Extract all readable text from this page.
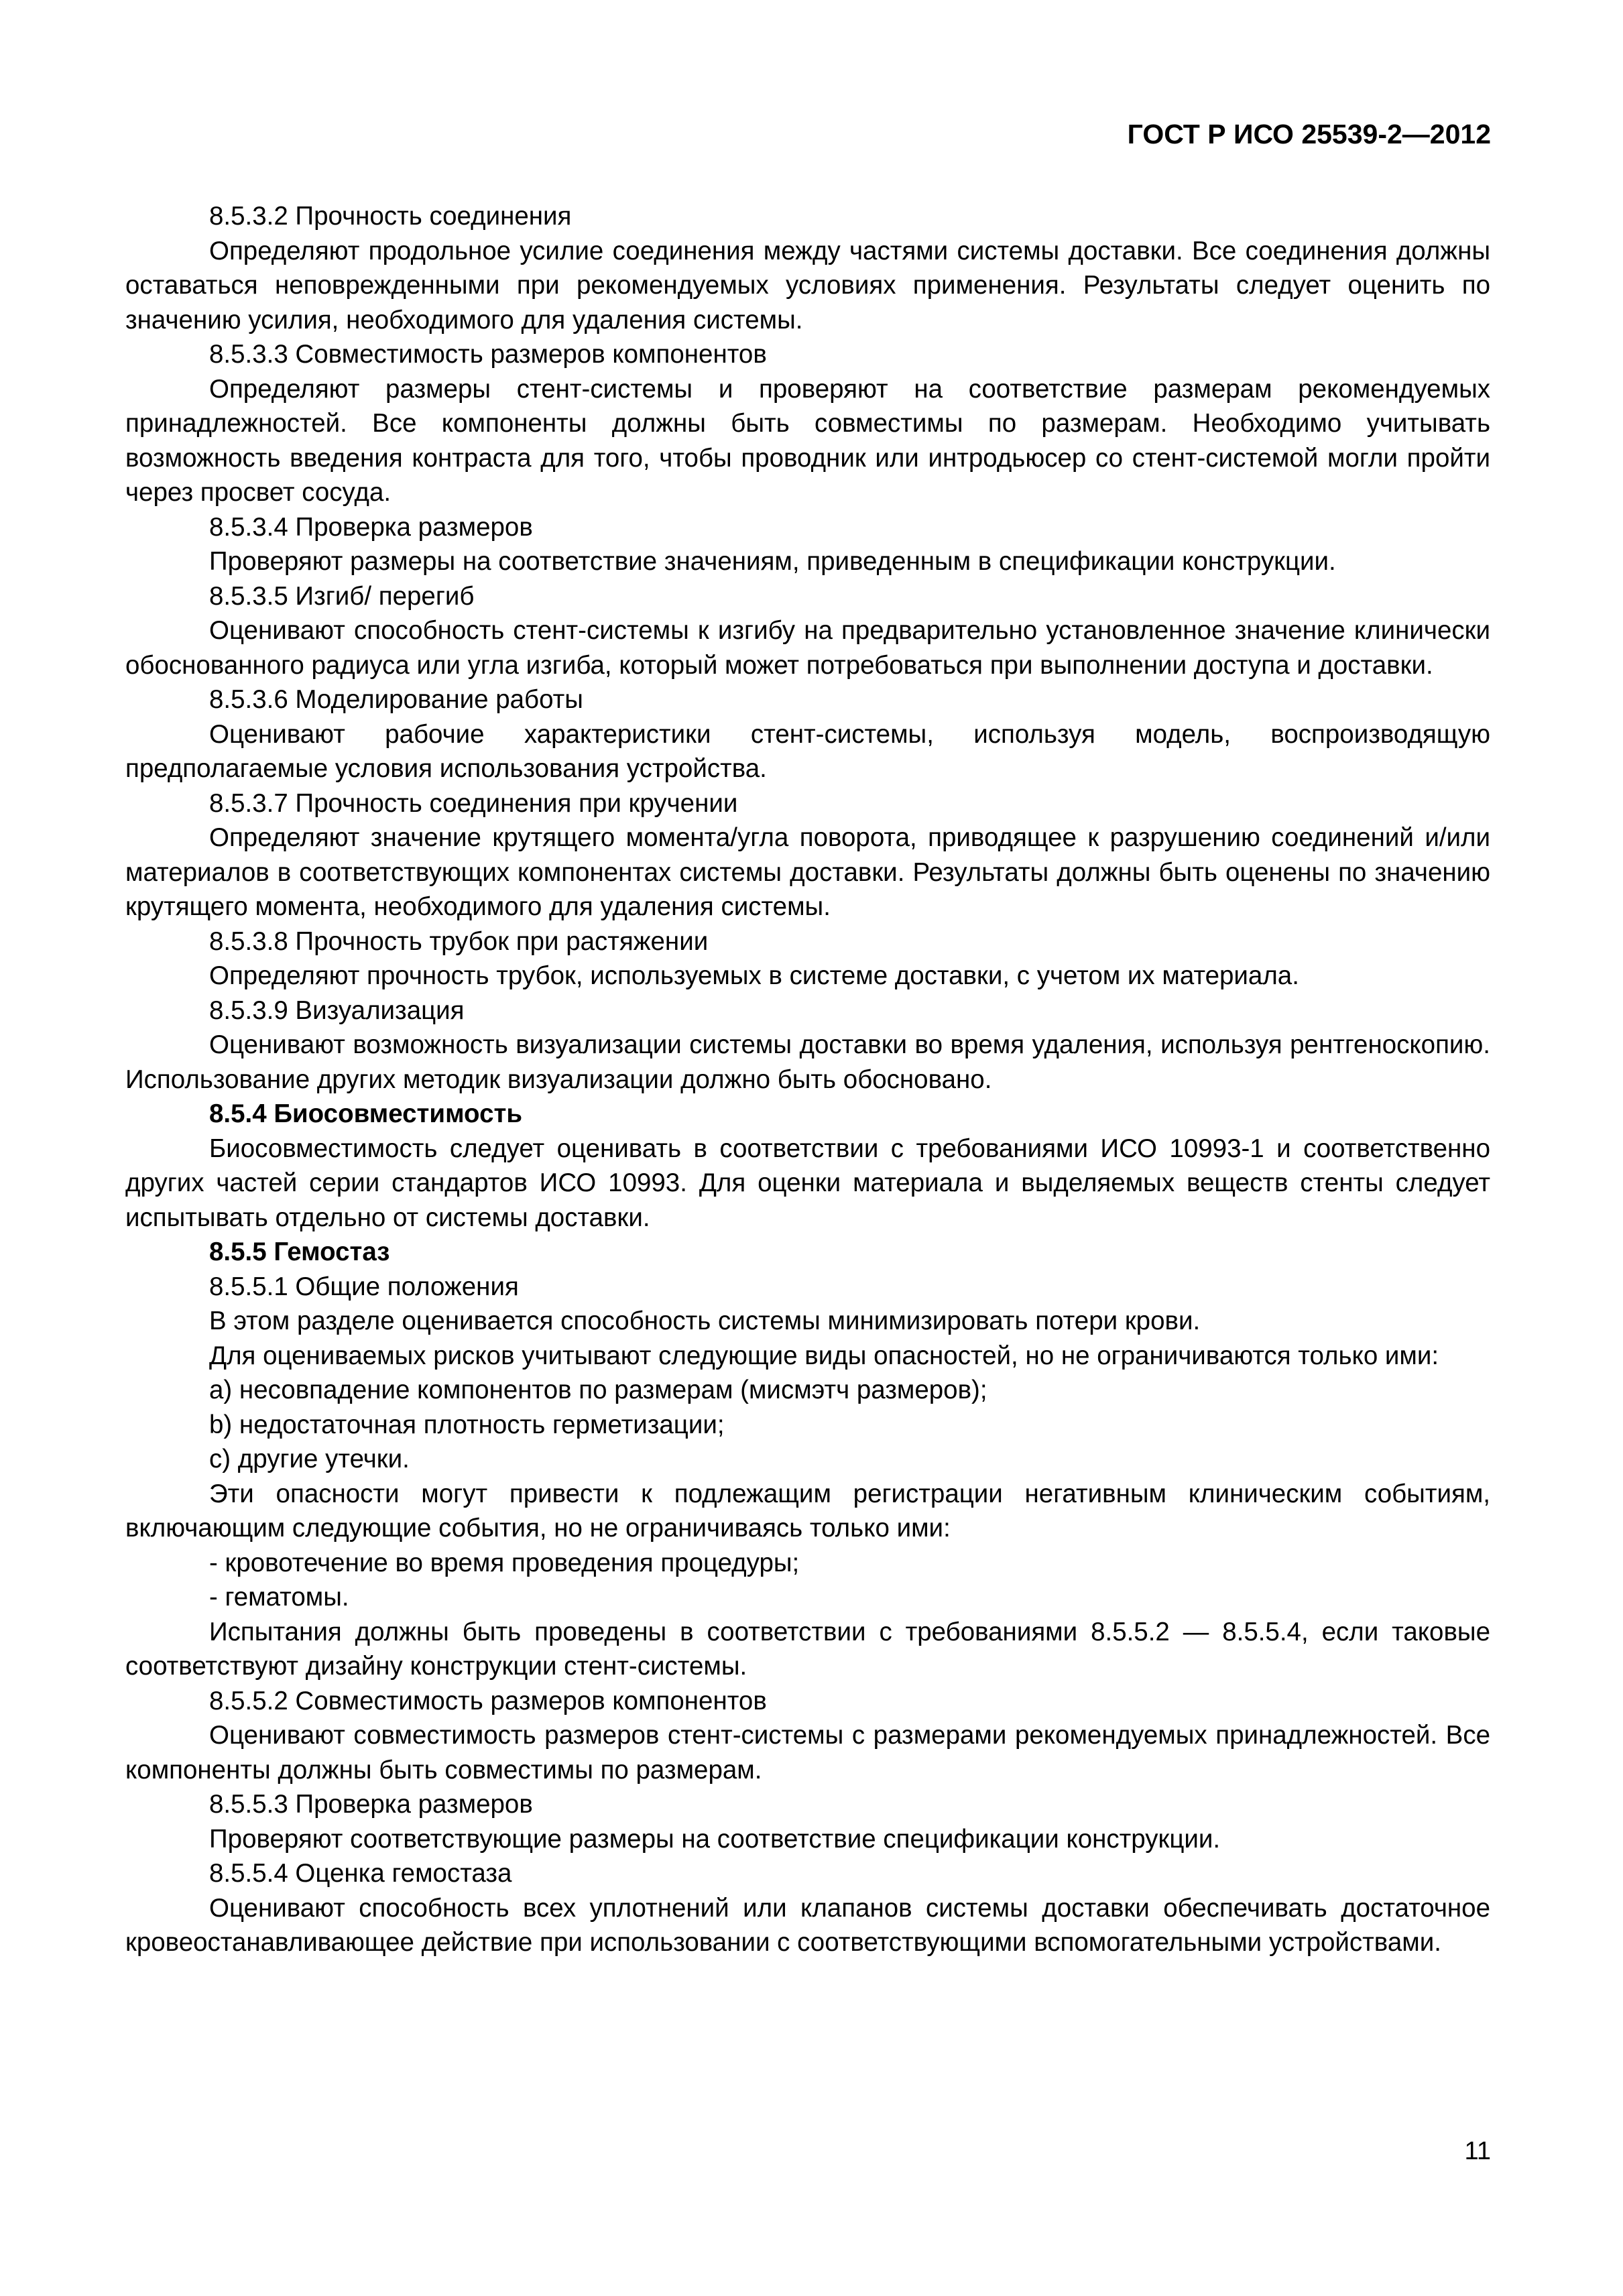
ГОСТ Р ИСО 25539-2—2012

8.5.3.2 Прочность соединения

Определяют продольное усилие соединения между частями системы доставки. Все соединения должны оставаться неповрежденными при рекомендуемых условиях применения. Результаты следует оценить по значению усилия, необходимого для удаления системы.

8.5.3.3 Совместимость размеров компонентов

Определяют размеры стент-системы и проверяют на соответствие размерам рекомендуемых принадлежностей. Все компоненты должны быть совместимы по размерам. Необходимо учитывать возможность введения контраста для того, чтобы проводник или интродьюсер со стент-системой могли пройти через просвет сосуда.

8.5.3.4 Проверка размеров

Проверяют размеры на соответствие значениям, приведенным в спецификации конструкции.

8.5.3.5 Изгиб/ перегиб

Оценивают способность стент-системы к изгибу на предварительно установленное значение клинически обоснованного радиуса или угла изгиба, который может потребоваться при выполнении доступа и доставки.

8.5.3.6 Моделирование работы

Оценивают рабочие характеристики стент-системы, используя модель, воспроизводящую предполагаемые условия использования устройства.

8.5.3.7 Прочность соединения при кручении

Определяют значение крутящего момента/угла поворота, приводящее к разрушению соединений и/или материалов в соответствующих компонентах системы доставки. Результаты должны быть оценены по значению крутящего момента, необходимого для удаления системы.

8.5.3.8 Прочность трубок при растяжении

Определяют прочность трубок, используемых в системе доставки, с учетом их материала.

8.5.3.9 Визуализация

Оценивают возможность визуализации системы доставки во время удаления, используя рентгеноскопию. Использование других методик визуализации должно быть обосновано.

8.5.4 Биосовместимость

Биосовместимость следует оценивать в соответствии с требованиями ИСО 10993-1 и соответственно других частей серии стандартов ИСО 10993. Для оценки материала и выделяемых веществ стенты следует испытывать отдельно от системы доставки.

8.5.5 Гемостаз

8.5.5.1 Общие положения

В этом разделе оценивается способность системы минимизировать потери крови.

Для оцениваемых рисков учитывают следующие виды опасностей, но не ограничиваются только ими:

a) несовпадение компонентов по размерам (мисмэтч размеров);

b) недостаточная плотность герметизации;

c) другие утечки.

Эти опасности могут привести к подлежащим регистрации негативным клиническим событиям, включающим следующие события, но не ограничиваясь только ими:

- кровотечение во время проведения процедуры;

- гематомы.

Испытания должны быть проведены в соответствии с требованиями 8.5.5.2 — 8.5.5.4, если таковые соответствуют дизайну конструкции стент-системы.

8.5.5.2 Совместимость размеров компонентов

Оценивают совместимость размеров стент-системы с размерами рекомендуемых принадлежностей. Все компоненты должны быть совместимы по размерам.

8.5.5.3 Проверка размеров

Проверяют соответствующие размеры на соответствие спецификации конструкции.

8.5.5.4 Оценка гемостаза

Оценивают способность всех уплотнений или клапанов системы доставки обеспечивать достаточное кровеостанавливающее действие при использовании с соответствующими вспомогательными устройствами.

11
